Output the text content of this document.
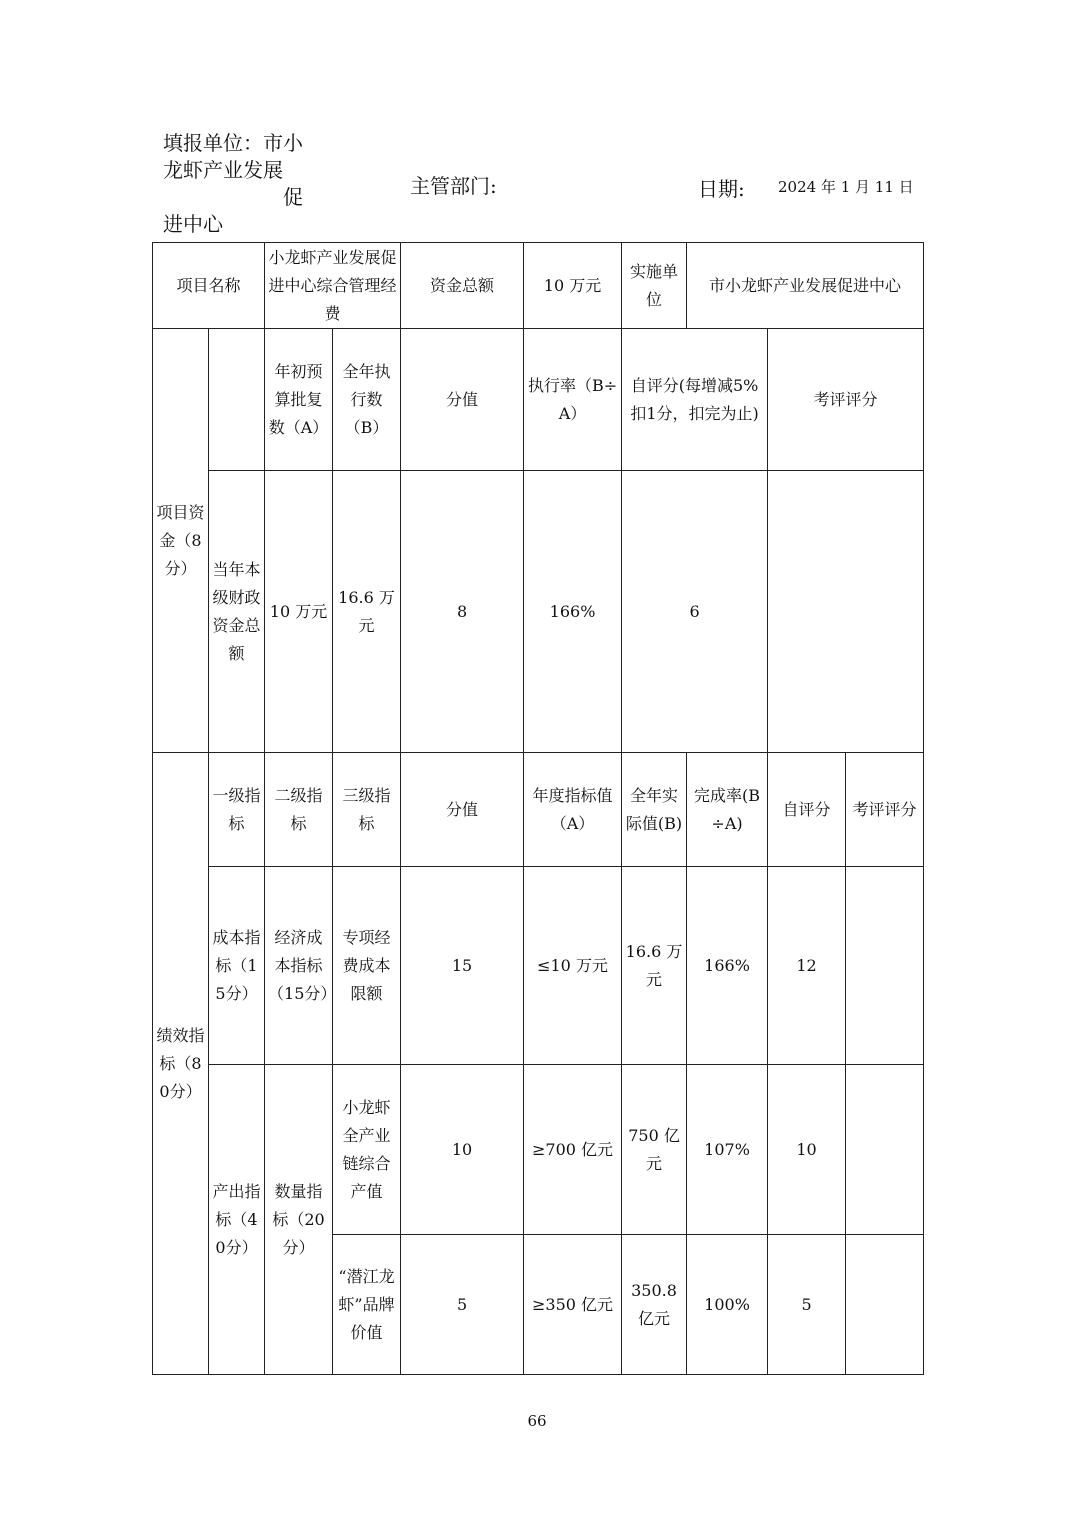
填报单位：市小
龙虾产业发展
促
进中心
主管部门:	日期: 2024 年 1 月 11 日
项目名称		小龙虾产业发展促进中心综合管理经费		资金总额	10 万元	实施单位	市小龙虾产业发展促进中心		
项目资金（8分）		年初预算批复数（A）	全年执行数（B）	分值	执行率（B÷A）	自评分(每增减5%扣1分，扣完为止)		考评评分	
	当年本级财政资金总额	10 万元	16.6 万元	8	166%	6			
绩效指标（80分）	一级指标	二级指标	三级指标	分值	年度指标值（A）	全年实际值(B)	完成率(B÷A)	自评分	考评评分
	成本指标（15分）	经济成本指标（15分）	专项经费成本限额	15	≤10 万元	16.6 万元	166%	12	
	产出指标（40分）	数量指标（20分）	小龙虾全产业链综合产值	10	≥700 亿元	750 亿元	107%	10	
			“潜江龙虾”品牌价值	5	≥350 亿元	350.8 亿元	100%	5	
66
